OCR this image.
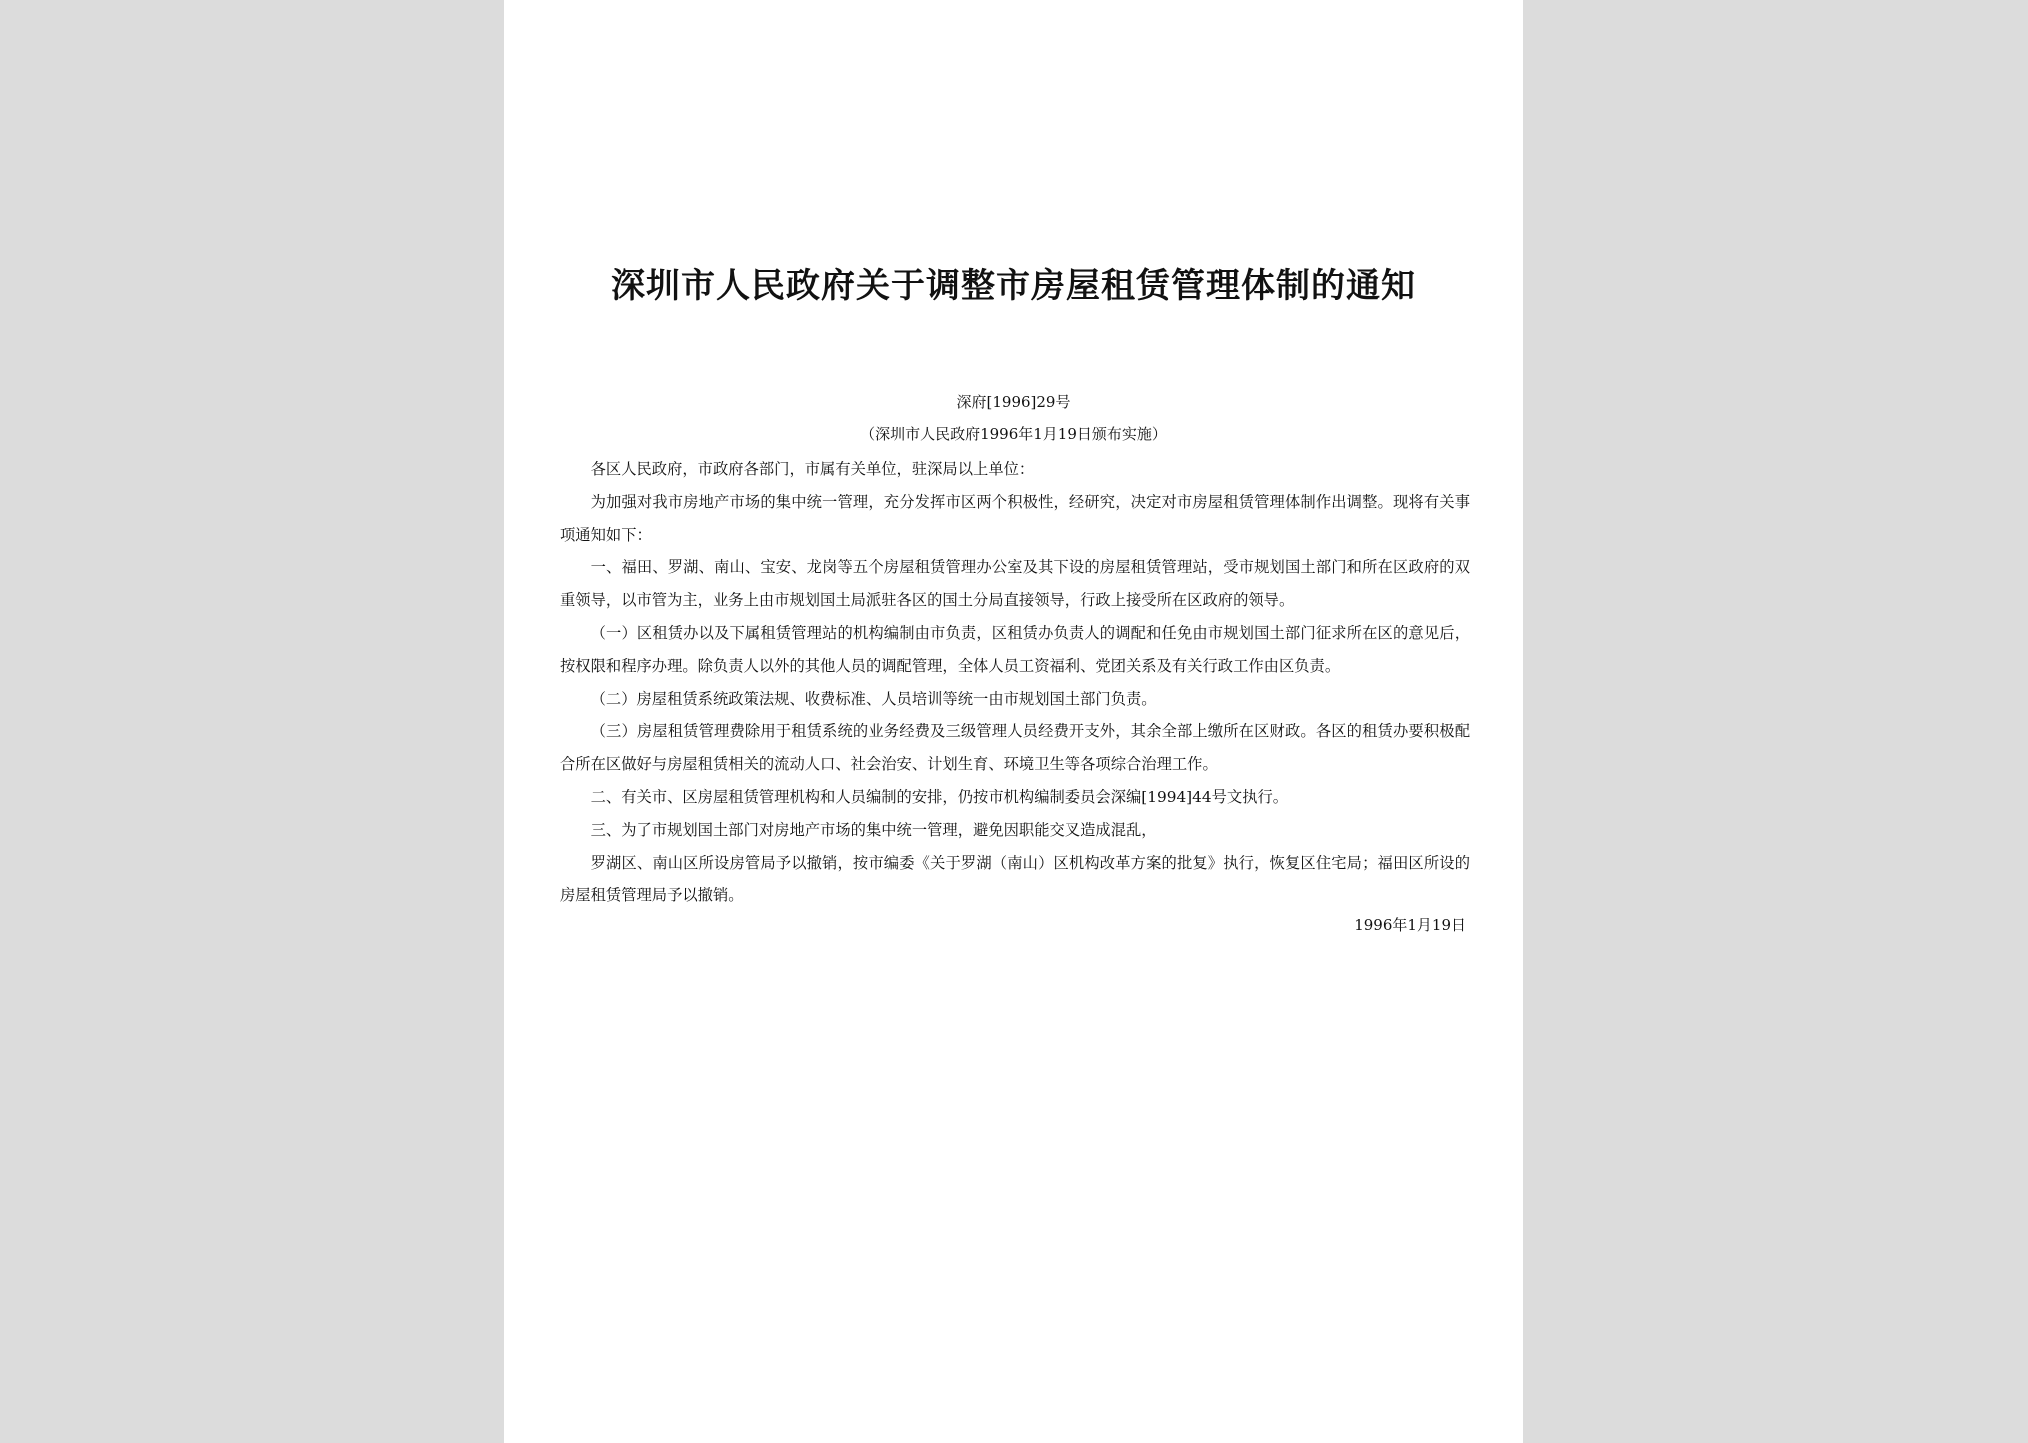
深圳市人民政府关于调整市房屋租赁管理体制的通知
深府[1996]29号
（深圳市人民政府1996年1月19日颁布实施）

各区人民政府，市政府各部门，市属有关单位，驻深局以上单位：

为加强对我市房地产市场的集中统一管理，充分发挥市区两个积极性，经研究，决定对市房屋租赁管理体制作出调整。现将有关事项通知如下：

一、福田、罗湖、南山、宝安、龙岗等五个房屋租赁管理办公室及其下设的房屋租赁管理站，受市规划国土部门和所在区政府的双重领导，以市管为主，业务上由市规划国土局派驻各区的国土分局直接领导，行政上接受所在区政府的领导。

（一）区租赁办以及下属租赁管理站的机构编制由市负责，区租赁办负责人的调配和任免由市规划国土部门征求所在区的意见后，按权限和程序办理。除负责人以外的其他人员的调配管理，全体人员工资福利、党团关系及有关行政工作由区负责。

（二）房屋租赁系统政策法规、收费标准、人员培训等统一由市规划国土部门负责。

（三）房屋租赁管理费除用于租赁系统的业务经费及三级管理人员经费开支外，其余全部上缴所在区财政。各区的租赁办要积极配合所在区做好与房屋租赁相关的流动人口、社会治安、计划生育、环境卫生等各项综合治理工作。

二、有关市、区房屋租赁管理机构和人员编制的安排，仍按市机构编制委员会深编[1994]44号文执行。

三、为了市规划国土部门对房地产市场的集中统一管理，避免因职能交叉造成混乱，

罗湖区、南山区所设房管局予以撤销，按市编委《关于罗湖（南山）区机构改革方案的批复》执行，恢复区住宅局；福田区所设的房屋租赁管理局予以撤销。

1996年1月19日
